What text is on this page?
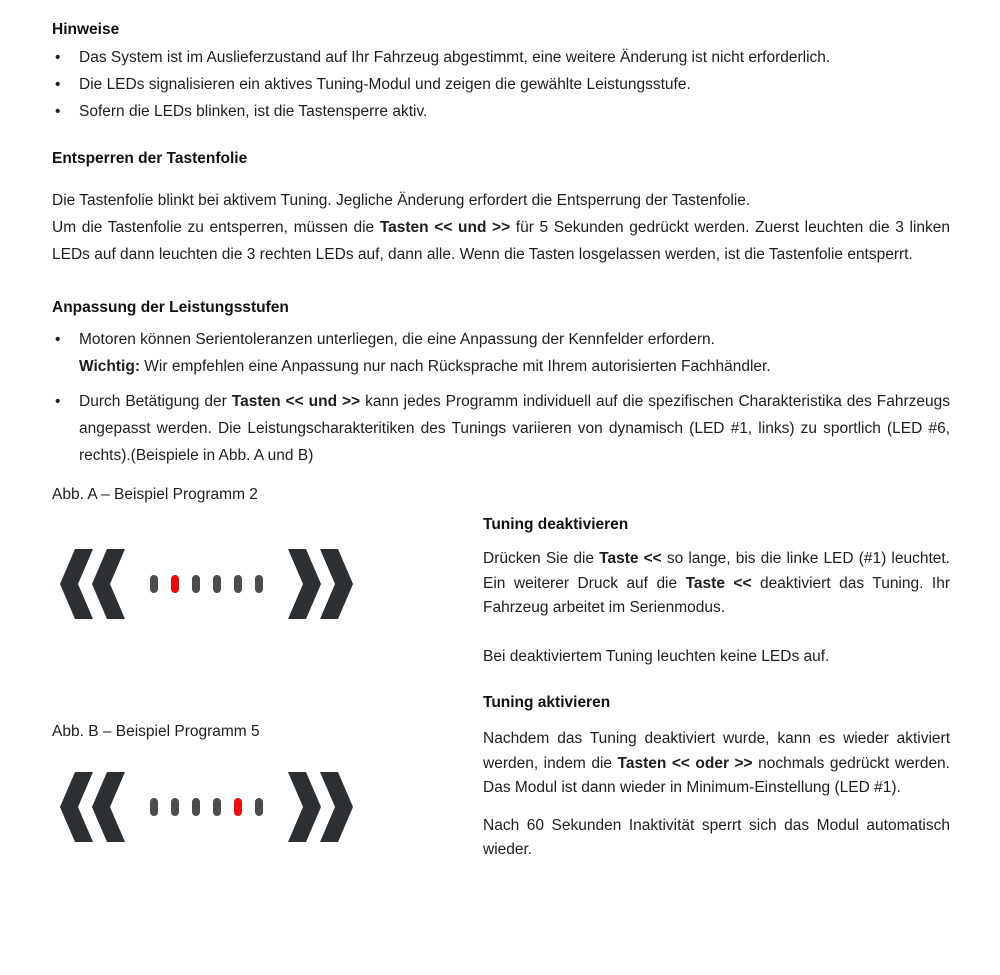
Hinweise
• Das System ist im Auslieferzustand auf Ihr Fahrzeug abgestimmt, eine weitere Änderung ist nicht erforderlich.
• Die LEDs signalisieren ein aktives Tuning-Modul und zeigen die gewählte Leistungsstufe.
• Sofern die LEDs blinken, ist die Tastensperre aktiv.
Entsperren der Tastenfolie

Die Tastenfolie blinkt bei aktivem Tuning. Jegliche Änderung erfordert die Entsperrung der Tastenfolie.
Um die Tastenfolie zu entsperren, müssen die Tasten << und >> für 5 Sekunden gedrückt werden. Zuerst leuchten die 3 linken LEDs auf dann leuchten die 3 rechten LEDs auf, dann alle. Wenn die Tasten losgelassen werden, ist die Tastenfolie entsperrt.

Anpassung der Leistungsstufen
• Motoren können Serientoleranzen unterliegen, die eine Anpassung der Kennfelder erfordern.
Wichtig: Wir empfehlen eine Anpassung nur nach Rücksprache mit Ihrem autorisierten Fachhändler.
• Durch Betätigung der Tasten << und >> kann jedes Programm individuell auf die spezifischen Charakteristika des Fahrzeugs angepasst werden. Die Leistungscharakteritiken des Tunings variieren von dynamisch (LED #1, links) zu sportlich (LED #6, rechts).(Beispiele in Abb. A und B)

Abb. A – Beispiel Programm 2

Abb. B – Beispiel Programm 5

Tuning deaktivieren

Drücken Sie die Taste << so lange, bis die linke LED (#1) leuchtet. Ein weiterer Druck auf die Taste << deaktiviert das Tuning. Ihr Fahrzeug arbeitet im Serienmodus.

Bei deaktiviertem Tuning leuchten keine LEDs auf.

Tuning aktivieren

Nachdem das Tuning deaktiviert wurde, kann es wieder aktiviert werden, indem die Tasten << oder >> nochmals gedrückt werden. Das Modul ist dann wieder in Minimum-Einstellung (LED #1).

Nach 60 Sekunden Inaktivität sperrt sich das Modul automatisch wieder.
